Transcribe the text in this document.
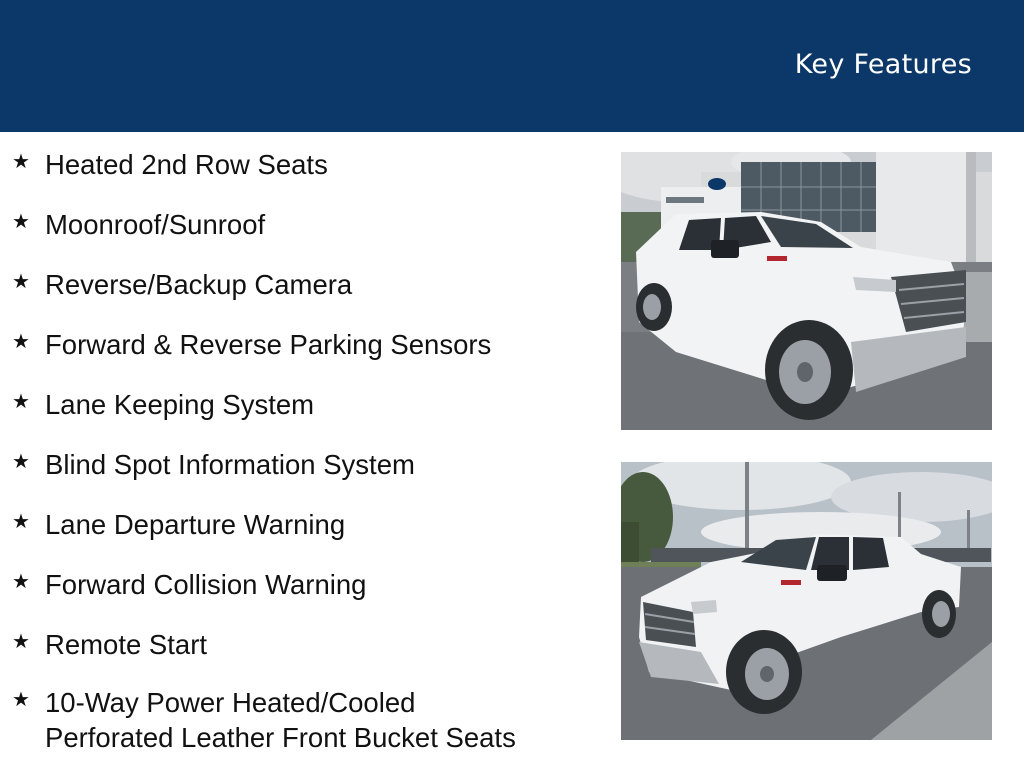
Key Features
★ Heated 2nd Row Seats
★ Moonroof/Sunroof
★ Reverse/Backup Camera
★ Forward & Reverse Parking Sensors
★ Lane Keeping System
★ Blind Spot Information System
★ Lane Departure Warning
★ Forward Collision Warning
★ Remote Start
★ 10-Way Power Heated/Cooled
Perforated Leather Front Bucket Seats
